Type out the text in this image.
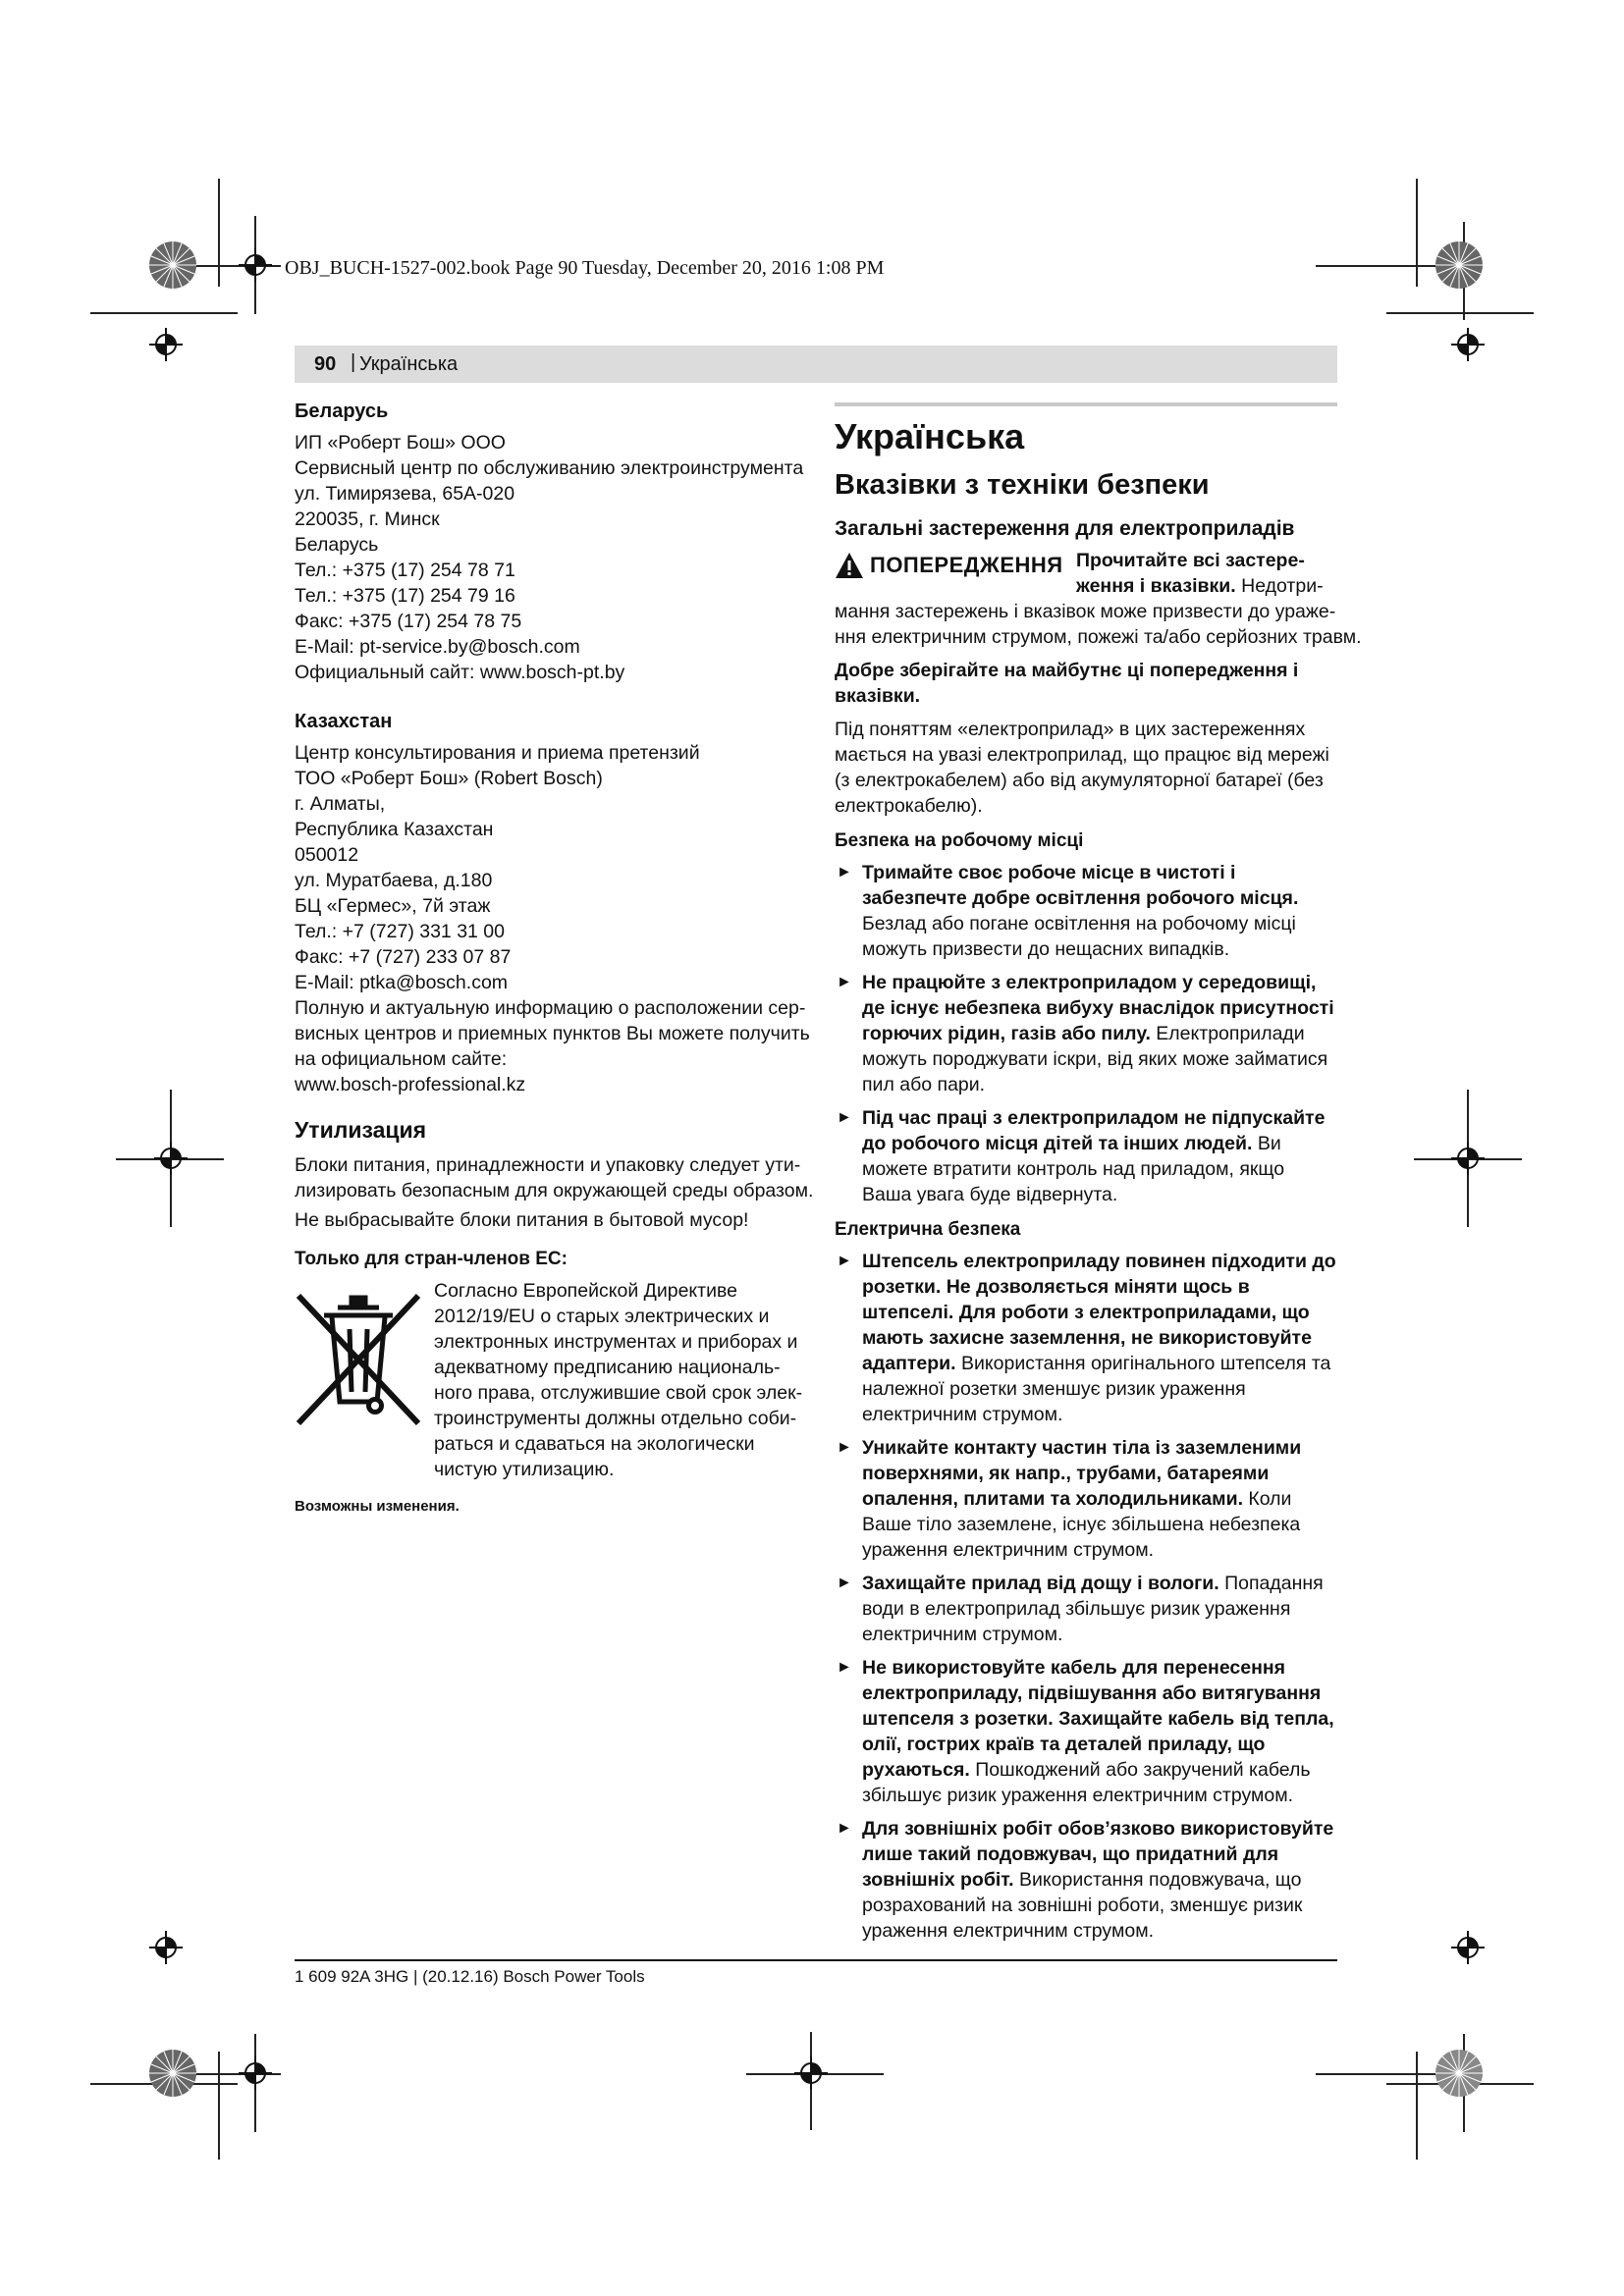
OBJ_BUCH-1527-002.book Page 90 Tuesday, December 20, 2016 1:08 PM
90 | Українська
Беларусь
ИП «Роберт Бош» ООО
Сервисный центр по обслуживанию электроинструмента
ул. Тимирязева, 65А-020
220035, г. Минск
Беларусь
Тел.: +375 (17) 254 78 71
Тел.: +375 (17) 254 79 16
Факс: +375 (17) 254 78 75
E-Mail: pt-service.by@bosch.com
Официальный сайт: www.bosch-pt.by
Казахстан
Центр консультирования и приема претензий
ТОО «Роберт Бош» (Robert Bosch)
г. Алматы,
Республика Казахстан
050012
ул. Муратбаева, д.180
БЦ «Гермес», 7й этаж
Тел.: +7 (727) 331 31 00
Факс: +7 (727) 233 07 87
E-Mail: ptka@bosch.com
Полную и актуальную информацию о расположении сер-
висных центров и приемных пунктов Вы можете получить
на официальном сайте:
www.bosch-professional.kz
Утилизация
Блоки питания, принадлежности и упаковку следует ути-
лизировать безопасным для окружающей среды образом.
Не выбрасывайте блоки питания в бытовой мусор!
Только для стран-членов ЕС:
Согласно Европейской Директиве
2012/19/EU о старых электрических и
электронных инструментах и приборах и
адекватному предписанию националь-
ного права, отслужившие свой срок элек-
троинструменты должны отдельно соби-
раться и сдаваться на экологически
чистую утилизацию.
Возможны изменения.
Українська
Вказівки з техніки безпеки
Загальні застереження для електроприладів
ПОПЕРЕДЖЕННЯ Прочитайте всі застере-
ження і вказівки. Недотри-
мання застережень і вказівок може призвести до ураже-
ння електричним струмом, пожежі та/або серйозних травм.
Добре зберігайте на майбутнє ці попередження і вказівки.
Під поняттям «електроприлад» в цих застереженнях мається на увазі електроприлад, що працює від мережі (з електрокабелем) або від акумуляторної батареї (без електрокабелю).
Безпека на робочому місці
► Тримайте своє робоче місце в чистоті і забезпечте добре освітлення робочого місця. Безлад або погане освітлення на робочому місці можуть призвести до нещасних випадків.
► Не працюйте з електроприладом у середовищі, де існує небезпека вибуху внаслідок присутності горючих рідин, газів або пилу. Електроприлади можуть породжувати іскри, від яких може займатися пил або пари.
► Під час праці з електроприладом не підпускайте до робочого місця дітей та інших людей. Ви можете втратити контроль над приладом, якщо Ваша увага буде відвернута.
Електрична безпека
► Штепсель електроприладу повинен підходити до розетки. Не дозволяється міняти щось в штепселі. Для роботи з електроприладами, що мають захисне заземлення, не використовуйте адаптери. Використання оригінального штепселя та належної розетки зменшує ризик ураження електричним струмом.
► Уникайте контакту частин тіла із заземленими поверхнями, як напр., трубами, батареями опалення, плитами та холодильниками. Коли Ваше тіло заземлене, існує збільшена небезпека ураження електричним струмом.
► Захищайте прилад від дощу і вологи. Попадання води в електроприлад збільшує ризик ураження електричним струмом.
► Не використовуйте кабель для перенесення електроприладу, підвішування або витягування штепселя з розетки. Захищайте кабель від тепла, олії, гострих країв та деталей приладу, що рухаються. Пошкоджений або закручений кабель збільшує ризик ураження електричним струмом.
► Для зовнішніх робіт обов’язково використовуйте лише такий подовжувач, що придатний для зовнішніх робіт. Використання подовжувача, що розрахований на зовнішні роботи, зменшує ризик ураження електричним струмом.
1 609 92A 3HG | (20.12.16) Bosch Power Tools
